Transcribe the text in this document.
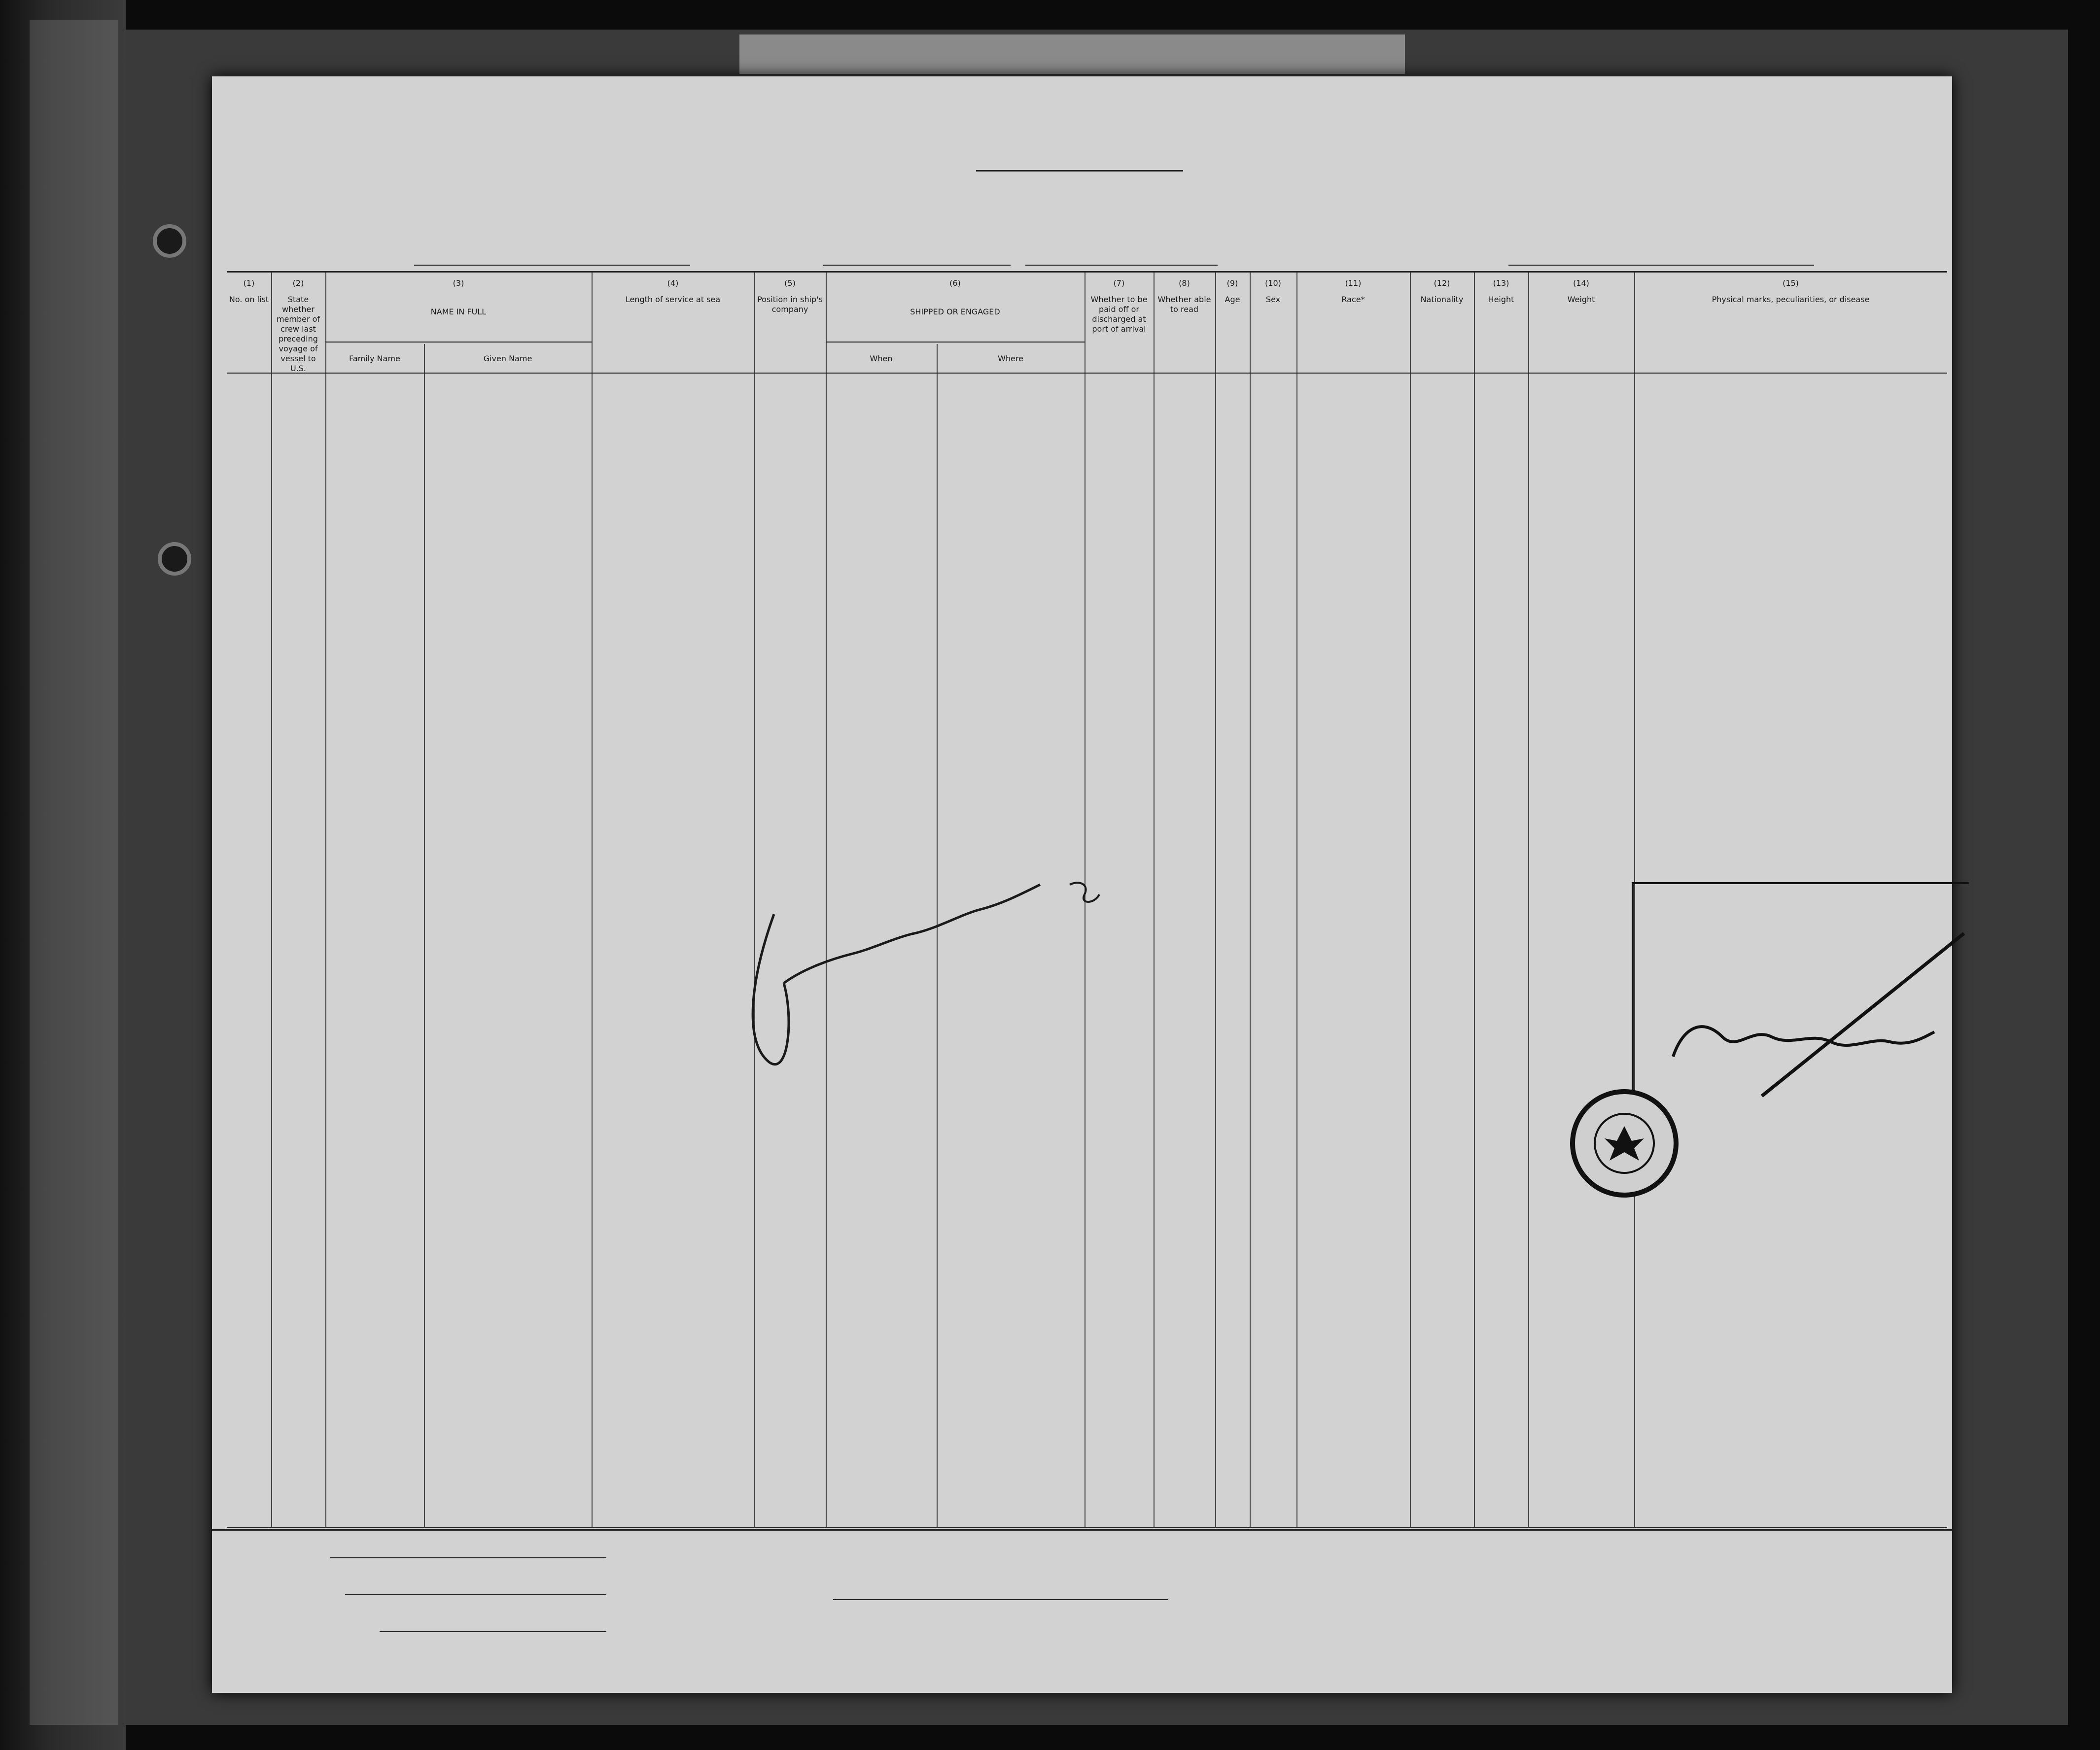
(1)
No. on list
(2)
State whether member of crew last preceding voyage of vessel to U.S.
(3)
NAME IN FULL
Family Name	Given Name
(4)
Length of service at sea
(5)
Position in ship's company
(6)
SHIPPED OR ENGAGED
When	Where
(7)
Whether to be paid off or discharged at port of arrival
(8)
Whether able to read
(9)
Age
(10)
Sex
(11)
Race*
(12)
Nationality
(13)
Height
(14)
Weight
(15)
Physical marks, peculiarities, or disease
